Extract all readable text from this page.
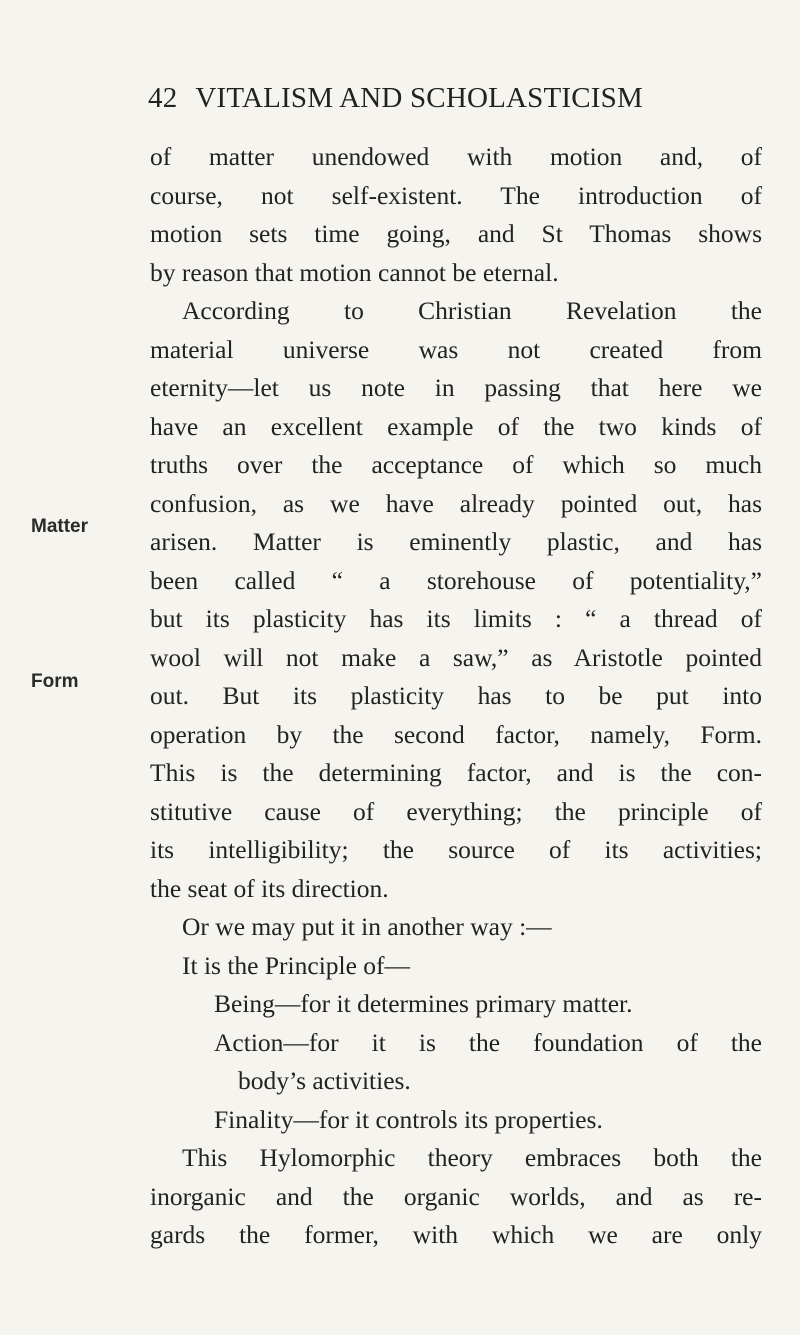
42 VITALISM AND SCHOLASTICISM
Matter
Form
of matter unendowed with motion and, of
course, not self-existent. The introduction of
motion sets time going, and St Thomas shows
by reason that motion cannot be eternal.
According to Christian Revelation the
material universe was not created from
eternity—let us note in passing that here we
have an excellent example of the two kinds of
truths over the acceptance of which so much
confusion, as we have already pointed out, has
arisen. Matter is eminently plastic, and has
been called “ a storehouse of potentiality,”
but its plasticity has its limits : “ a thread of
wool will not make a saw,” as Aristotle pointed
out. But its plasticity has to be put into
operation by the second factor, namely, Form.
This is the determining factor, and is the con-
stitutive cause of everything; the principle of
its intelligibility; the source of its activities;
the seat of its direction.
Or we may put it in another way :—
It is the Principle of—
Being—for it determines primary matter.
Action—for it is the foundation of the
body’s activities.
Finality—for it controls its properties.
This Hylomorphic theory embraces both the
inorganic and the organic worlds, and as re-
gards the former, with which we are only
